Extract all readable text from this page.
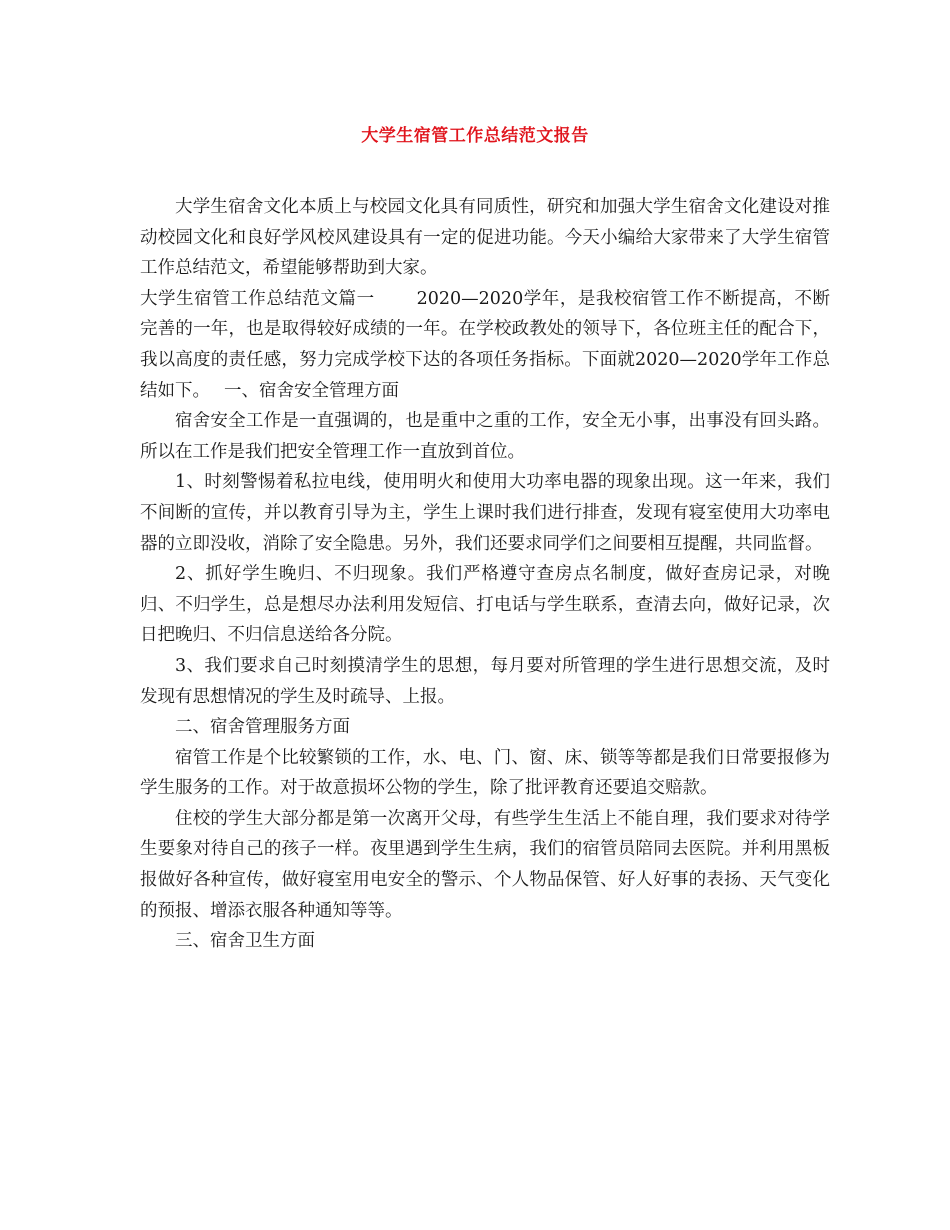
大学生宿管工作总结范文报告

大学生宿舍文化本质上与校园文化具有同质性，研究和加强大学生宿舍文化建设对推动校园文化和良好学风校风建设具有一定的促进功能。今天小编给大家带来了大学生宿管工作总结范文，希望能够帮助到大家。

大学生宿管工作总结范文篇一 2020—2020学年，是我校宿管工作不断提高，不断完善的一年，也是取得较好成绩的一年。在学校政教处的领导下，各位班主任的配合下，我以高度的责任感，努力完成学校下达的各项任务指标。下面就2020—2020学年工作总结如下。 一、宿舍安全管理方面

宿舍安全工作是一直强调的，也是重中之重的工作，安全无小事，出事没有回头路。所以在工作是我们把安全管理工作一直放到首位。

1、时刻警惕着私拉电线，使用明火和使用大功率电器的现象出现。这一年来，我们不间断的宣传，并以教育引导为主，学生上课时我们进行排查，发现有寝室使用大功率电器的立即没收，消除了安全隐患。另外，我们还要求同学们之间要相互提醒，共同监督。

2、抓好学生晚归、不归现象。我们严格遵守查房点名制度，做好查房记录，对晚归、不归学生，总是想尽办法利用发短信、打电话与学生联系，查清去向，做好记录，次日把晚归、不归信息送给各分院。

3、我们要求自己时刻摸清学生的思想，每月要对所管理的学生进行思想交流，及时发现有思想情况的学生及时疏导、上报。

二、宿舍管理服务方面

宿管工作是个比较繁锁的工作，水、电、门、窗、床、锁等等都是我们日常要报修为学生服务的工作。对于故意损坏公物的学生，除了批评教育还要追交赔款。

住校的学生大部分都是第一次离开父母，有些学生生活上不能自理，我们要求对待学生要象对待自己的孩子一样。夜里遇到学生生病，我们的宿管员陪同去医院。并利用黑板报做好各种宣传，做好寝室用电安全的警示、个人物品保管、好人好事的表扬、天气变化的预报、增添衣服各种通知等等。

三、宿舍卫生方面
